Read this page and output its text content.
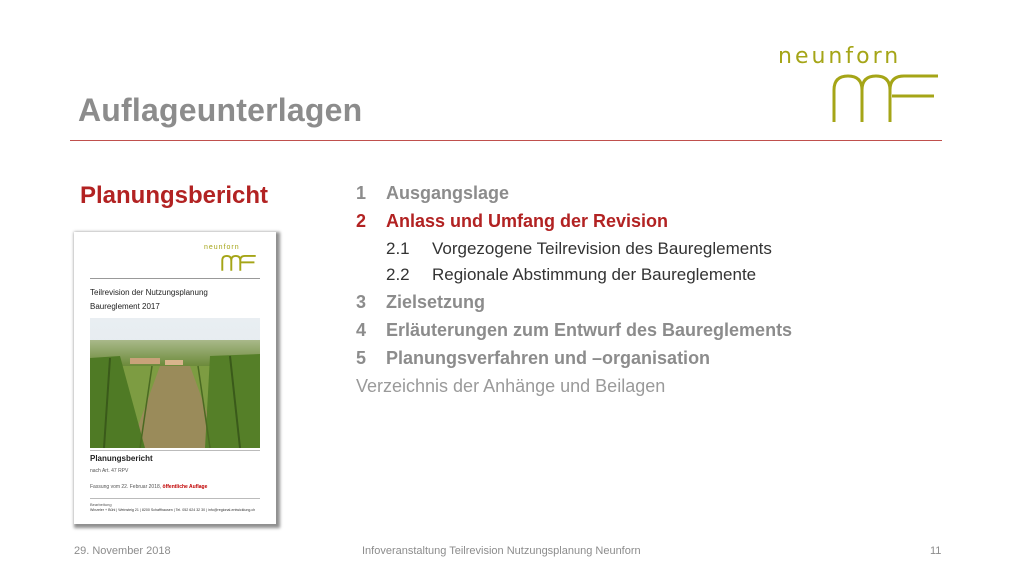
Auflageunterlagen
neunforn
Planungsbericht	1 Ausgangslage
2 Anlass und Umfang der Revision
2.1 Vorgezogene Teilrevision des Baureglements
2.2 Regionale Abstimmung der Baureglemente
3 Zielsetzung
4 Erläuterungen zum Entwurf des Baureglements
5 Planungsverfahren und –organisation
Verzeichnis der Anhänge und Beilagen
neunforn
Teilrevision der Nutzungsplanung
Baureglement 2017
Planungsbericht
nach Art. 47 RPV
Fassung vom 22. Februar 2018, öffentliche Auflage
Bearbeitung
Winzeler + Bühl | Weinsteig 21 | 8200 Schaffhausen | Tel. 052 624 32 30 | info@regional-entwicklung.ch
29. November 2018	Infoveranstaltung Teilrevision Nutzungsplanung Neunforn	11
